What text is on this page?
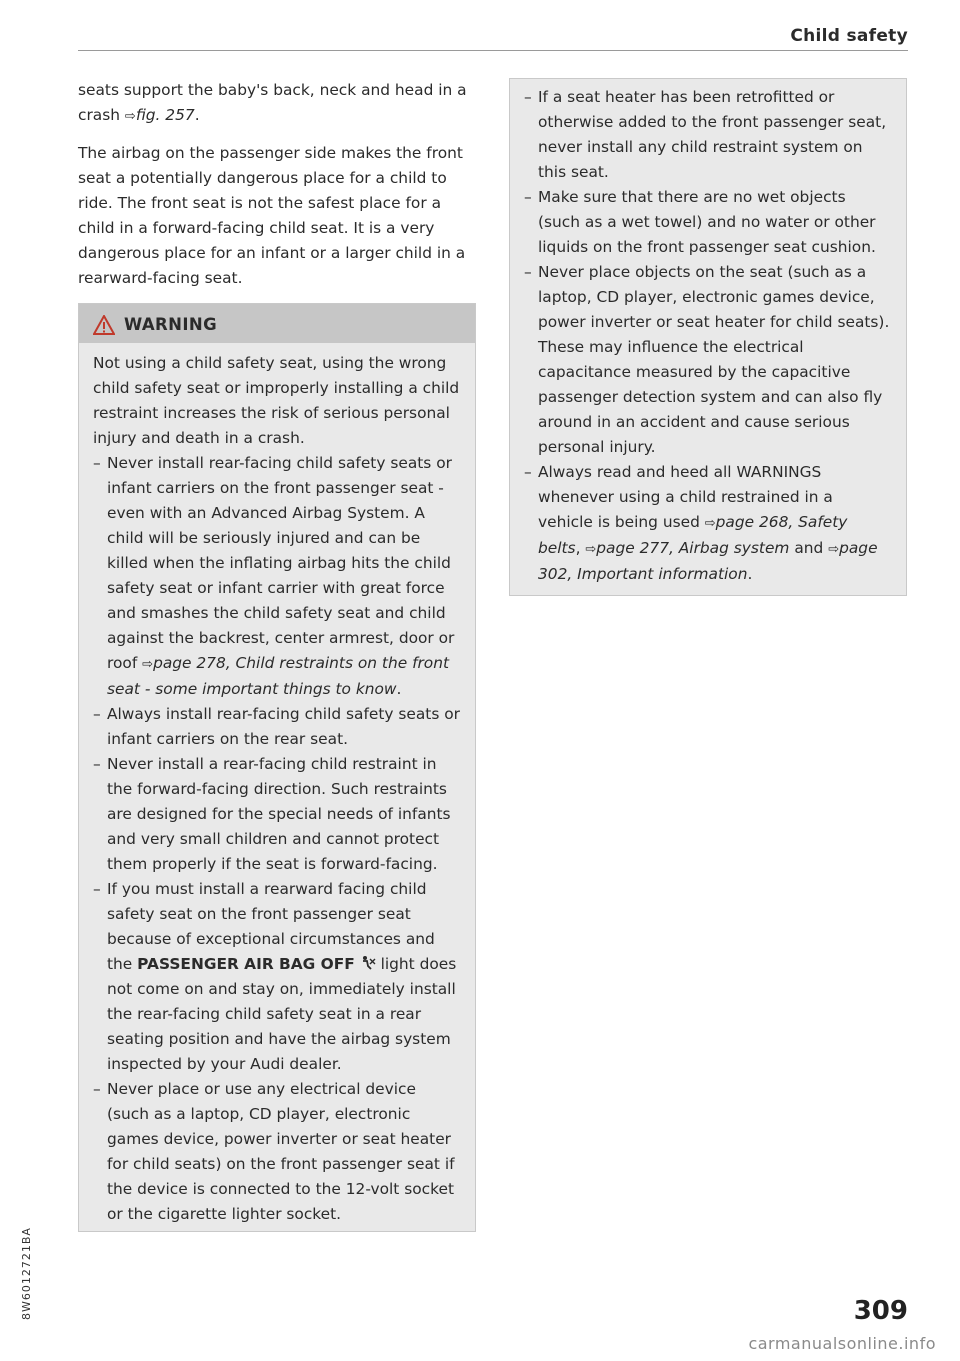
Child safety

seats support the baby's back, neck and head in a crash ⇨fig. 257.

The airbag on the passenger side makes the front seat a potentially dangerous place for a child to ride. The front seat is not the safest place for a child in a forward-facing child seat. It is a very dangerous place for an infant or a larger child in a rearward-facing seat.

WARNING

Not using a child safety seat, using the wrong child safety seat or improperly installing a child restraint increases the risk of serious personal injury and death in a crash.

– Never install rear-facing child safety seats or infant carriers on the front passenger seat - even with an Advanced Airbag System. A child will be seriously injured and can be killed when the inflating airbag hits the child safety seat or infant carrier with great force and smashes the child safety seat and child against the backrest, center armrest, door or roof ⇨page 278, Child restraints on the front seat - some important things to know.
– Always install rear-facing child safety seats or infant carriers on the rear seat.
– Never install a rear-facing child restraint in the forward-facing direction. Such restraints are designed for the special needs of infants and very small children and cannot protect them properly if the seat is forward-facing.
– If you must install a rearward facing child safety seat on the front passenger seat because of exceptional circumstances and the PASSENGER AIR BAG OFF light does not come on and stay on, immediately install the rear-facing child safety seat in a rear seating position and have the airbag system inspected by your Audi dealer.
– Never place or use any electrical device (such as a laptop, CD player, electronic games device, power inverter or seat heater for child seats) on the front passenger seat if the device is connected to the 12-volt socket or the cigarette lighter socket.
– If a seat heater has been retrofitted or otherwise added to the front passenger seat, never install any child restraint system on this seat.
– Make sure that there are no wet objects (such as a wet towel) and no water or other liquids on the front passenger seat cushion.
– Never place objects on the seat (such as a laptop, CD player, electronic games device, power inverter or seat heater for child seats). These may influence the electrical capacitance measured by the capacitive passenger detection system and can also fly around in an accident and cause serious personal injury.
– Always read and heed all WARNINGS whenever using a child restrained in a vehicle is being used ⇨page 268, Safety belts, ⇨page 277, Airbag system and ⇨page 302, Important information.
8W6012721BA	309
carmanualsonline.info
